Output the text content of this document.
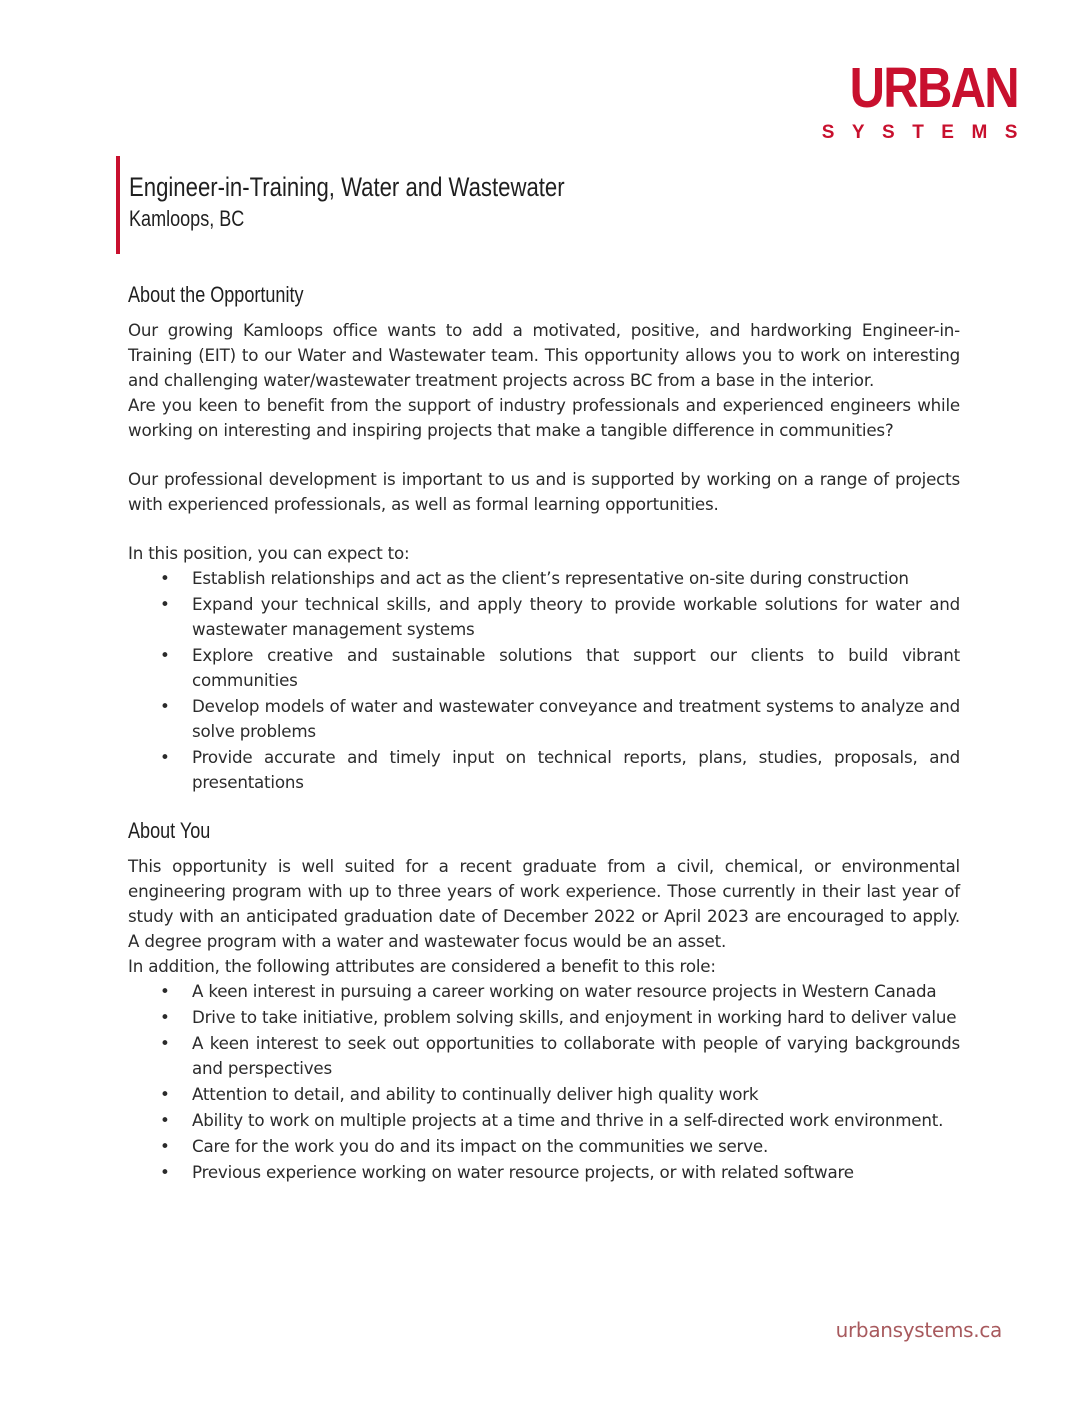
URBAN
SYSTEMS
Engineer-in-Training, Water and Wastewater
Kamloops, BC
About the Opportunity

Our growing Kamloops office wants to add a motivated, positive, and hardworking Engineer-in-Training (EIT) to our Water and Wastewater team. This opportunity allows you to work on interesting and challenging water/wastewater treatment projects across BC from a base in the interior.

Are you keen to benefit from the support of industry professionals and experienced engineers while working on interesting and inspiring projects that make a tangible difference in communities?

Our professional development is important to us and is supported by working on a range of projects with experienced professionals, as well as formal learning opportunities.

In this position, you can expect to:

• Establish relationships and act as the client’s representative on-site during construction
• Expand your technical skills, and apply theory to provide workable solutions for water and wastewater management systems
• Explore creative and sustainable solutions that support our clients to build vibrant communities
• Develop models of water and wastewater conveyance and treatment systems to analyze and solve problems
• Provide accurate and timely input on technical reports, plans, studies, proposals, and presentations
About You

This opportunity is well suited for a recent graduate from a civil, chemical, or environmental engineering program with up to three years of work experience. Those currently in their last year of study with an anticipated graduation date of December 2022 or April 2023 are encouraged to apply. A degree program with a water and wastewater focus would be an asset.

In addition, the following attributes are considered a benefit to this role:

• A keen interest in pursuing a career working on water resource projects in Western Canada
• Drive to take initiative, problem solving skills, and enjoyment in working hard to deliver value
• A keen interest to seek out opportunities to collaborate with people of varying backgrounds and perspectives
• Attention to detail, and ability to continually deliver high quality work
• Ability to work on multiple projects at a time and thrive in a self-directed work environment.
• Care for the work you do and its impact on the communities we serve.
• Previous experience working on water resource projects, or with related software
urbansystems.ca
